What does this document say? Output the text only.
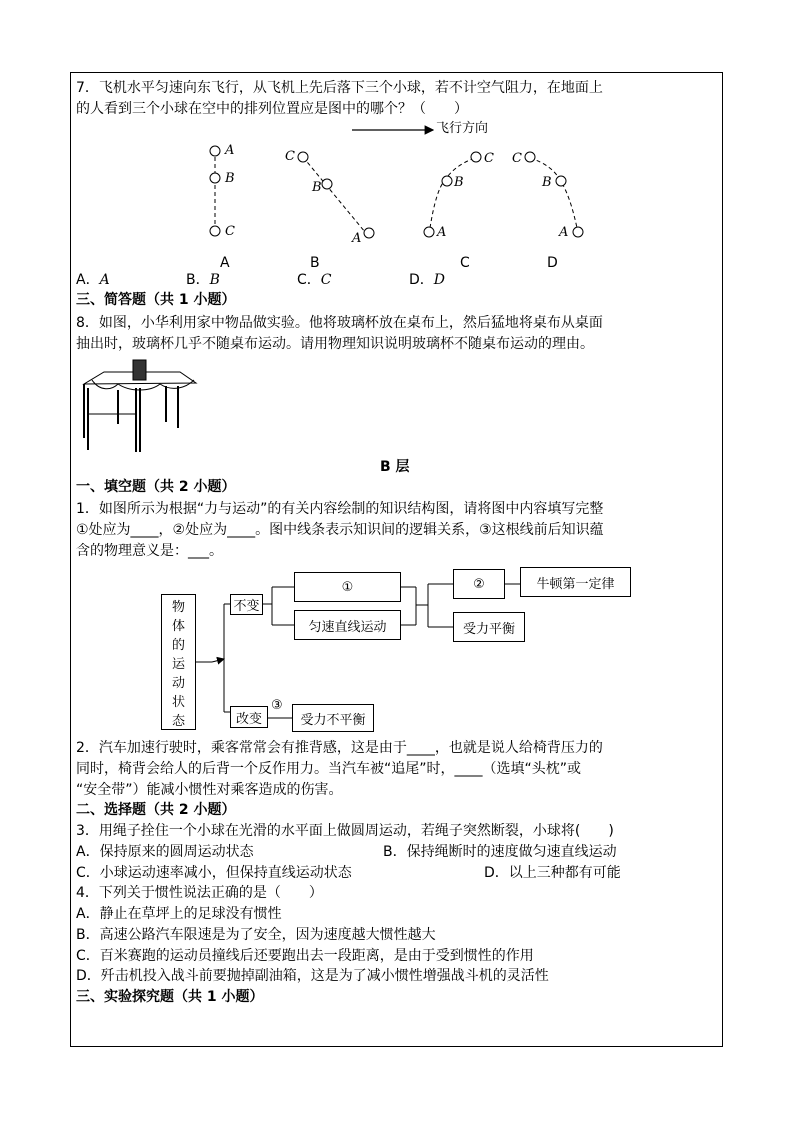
7．飞机水平匀速向东飞行，从飞机上先后落下三个小球，若不计空气阻力，在地面上
的人看到三个小球在空中的排列位置应是图中的哪个？（　　）
A
B
C
C
B
A
C
B
A
C
B
A
飞行方向
A	B	C	D
A．A	B．B	C．C	D．D
三、简答题（共 1 小题）
8．如图，小华利用家中物品做实验。他将玻璃杯放在桌布上，然后猛地将桌布从桌面
抽出时，玻璃杯几乎不随桌布运动。请用物理知识说明玻璃杯不随桌布运动的理由。
B 层
一、填空题（共 2 小题）
1．如图所示为根据“力与运动”的有关内容绘制的知识结构图，请将图中内容填写完整
①处应为____，②处应为____。图中线条表示知识间的逻辑关系，③这根线前后知识蕴
含的物理意义是：___。
物
体
的
运
动
状
态
不变
改变
①
匀速直线运动
②	牛顿第一定律
受力平衡
受力不平衡
③
2．汽车加速行驶时，乘客常常会有推背感，这是由于____，也就是说人给椅背压力的
同时，椅背会给人的后背一个反作用力。当汽车被“追尾”时，____（选填“头枕”或
“安全带”）能减小惯性对乘客造成的伤害。
二、选择题（共 2 小题）
3．用绳子拴住一个小球在光滑的水平面上做圆周运动，若绳子突然断裂，小球将(　　)
A．保持原来的圆周运动状态	B．保持绳断时的速度做匀速直线运动
C．小球运动速率减小，但保持直线运动状态	D．以上三种都有可能
4．下列关于惯性说法正确的是（　　）
A．静止在草坪上的足球没有惯性
B．高速公路汽车限速是为了安全，因为速度越大惯性越大
C．百米赛跑的运动员撞线后还要跑出去一段距离，是由于受到惯性的作用
D．歼击机投入战斗前要抛掉副油箱，这是为了减小惯性增强战斗机的灵活性
三、实验探究题（共 1 小题）
